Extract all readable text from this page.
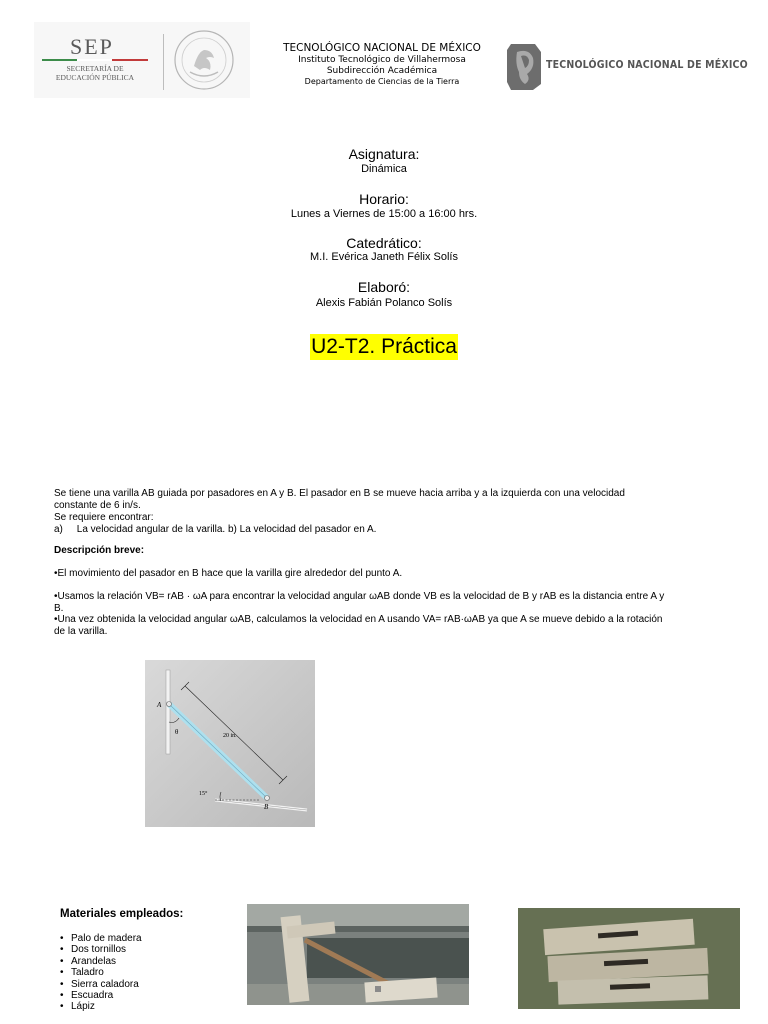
SEP
SECRETARÍA DE
EDUCACIÓN PÚBLICA
TECNOLÓGICO NACIONAL DE MÉXICO
Instituto Tecnológico de Villahermosa
Subdirección Académica
Departamento de Ciencias de la Tierra
TECNOLÓGICO NACIONAL DE MÉXICO
Asignatura:
Dinámica
Horario:
Lunes a Viernes de 15:00 a 16:00 hrs.
Catedrático:
M.I. Evérica Janeth Félix Solís
Elaboró:
Alexis Fabián Polanco Solís
U2-T2. Práctica
Se tiene una varilla AB guiada por pasadores en A y B. El pasador en B se mueve hacia arriba y a la izquierda con una velocidad constante de 6 in/s.
Se requiere encontrar:
a)     La velocidad angular de la varilla. b) La velocidad del pasador en A.
Descripción breve:
•El movimiento del pasador en B hace que la varilla gire alrededor del punto A.
•Usamos la relación VB= rAB · ωA para encontrar la velocidad angular ωAB donde VB es la velocidad de B y rAB es la distancia entre A y B.
•Una vez obtenida la velocidad angular ωAB, calculamos la velocidad en A usando VA= rAB·ωAB ya que A se mueve debido a la rotación de la varilla.
A
B
θ	20 in.
15°
Materiales empleados:
• Palo de madera
• Dos tornillos
• Arandelas
• Taladro
• Sierra caladora
• Escuadra
• Lápiz
